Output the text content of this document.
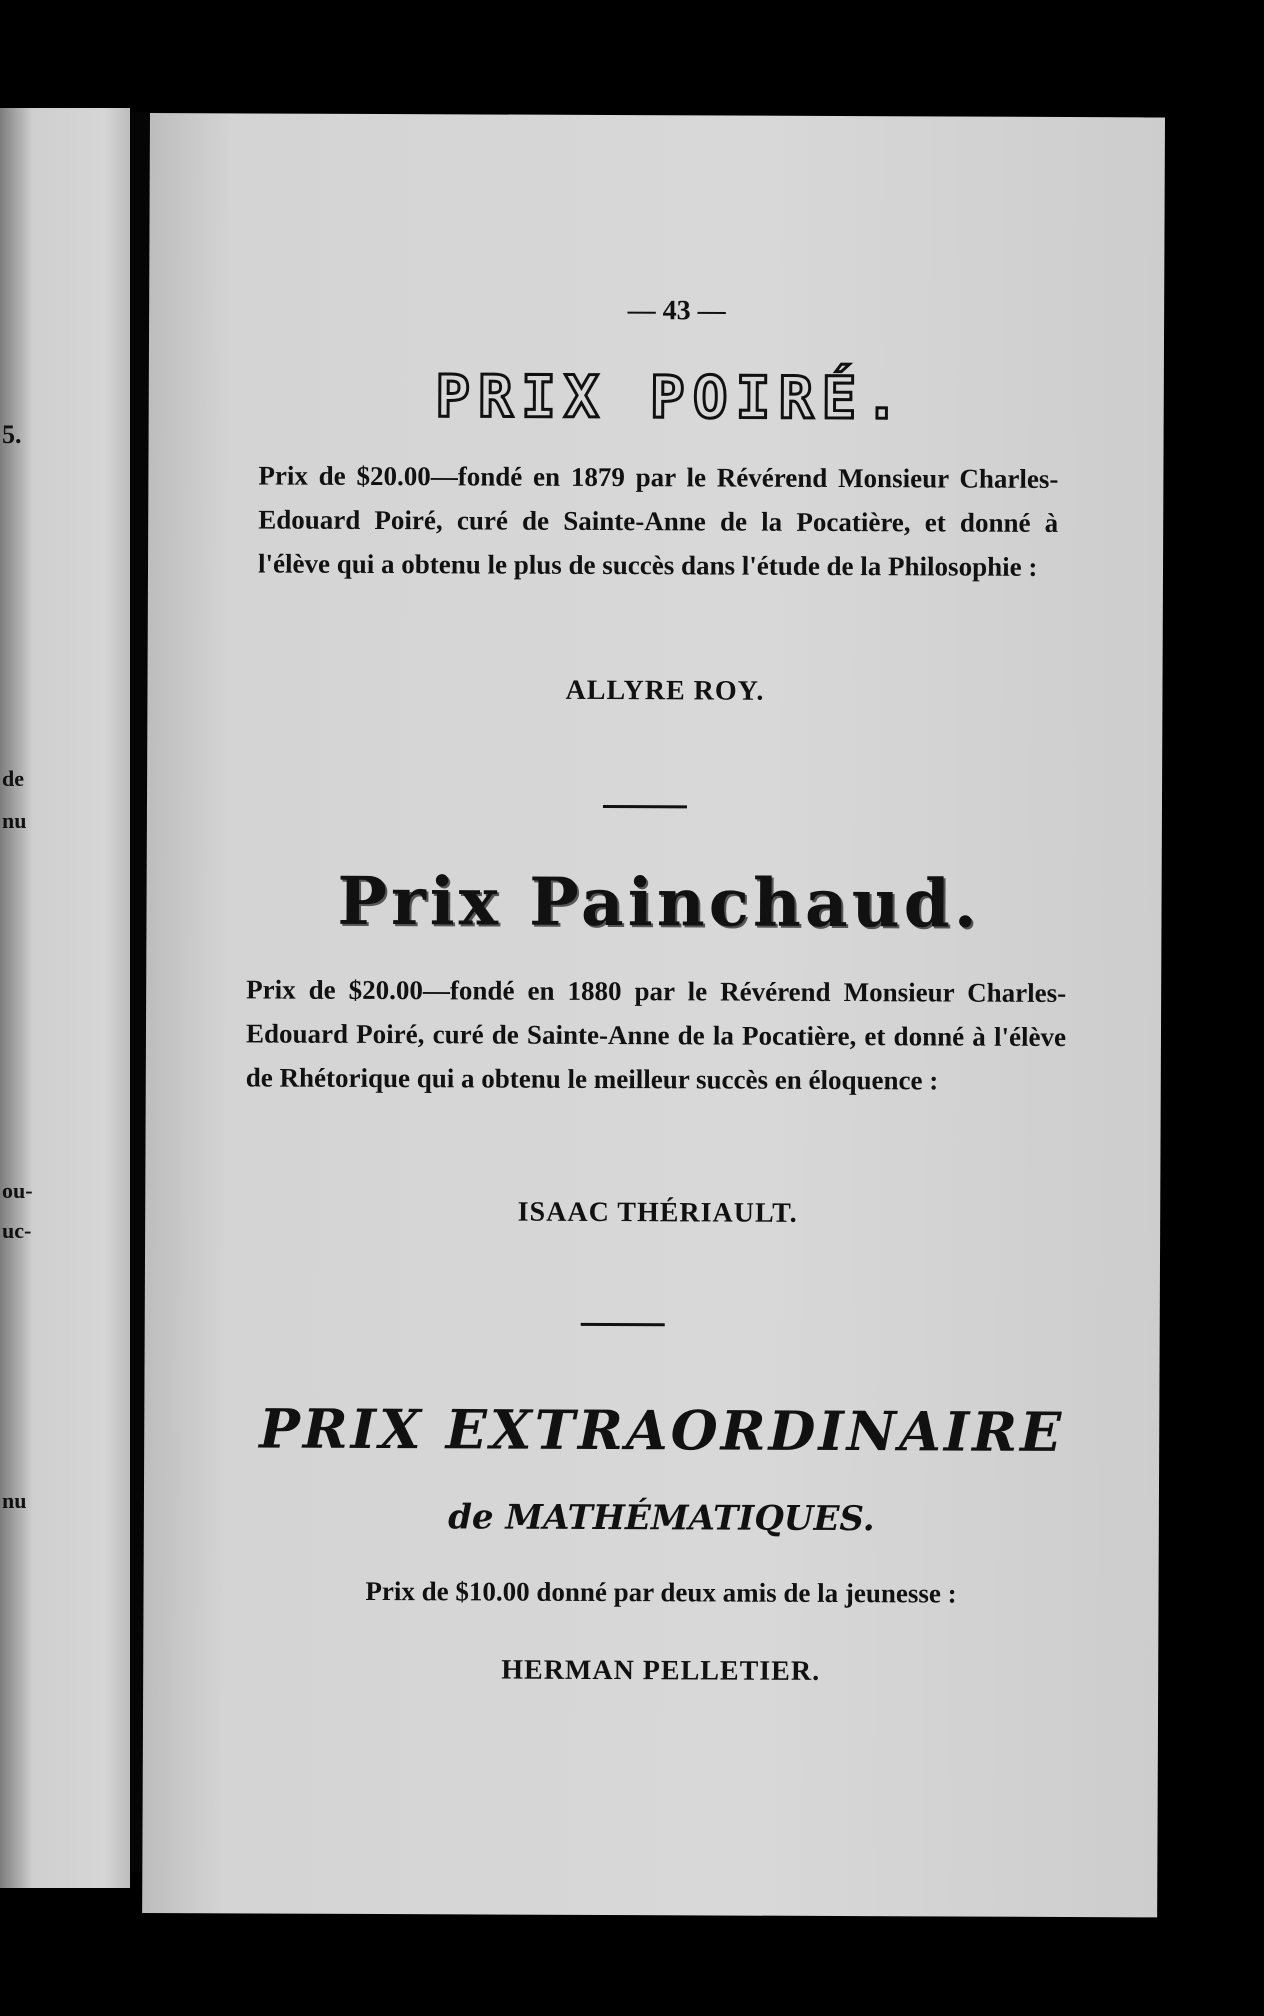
5.
de
nu
ou-
uc-
nu
— 43 —
PRIX POIRÉ.
Prix de $20.00—fondé en 1879 par le Révérend Monsieur Charles-Edouard Poiré, curé de Sainte-Anne de la Pocatière, et donné à l'élève qui a obtenu le plus de succès dans l'étude de la Philosophie :
ALLYRE ROY.
Prix Painchaud.
Prix de $20.00—fondé en 1880 par le Révérend Monsieur Charles-Edouard Poiré, curé de Sainte-Anne de la Pocatière, et donné à l'élève de Rhétorique qui a obtenu le meilleur succès en éloquence :
ISAAC THÉRIAULT.
PRIX EXTRAORDINAIRE
de MATHÉMATIQUES.
Prix de $10.00 donné par deux amis de la jeunesse :
HERMAN PELLETIER.
